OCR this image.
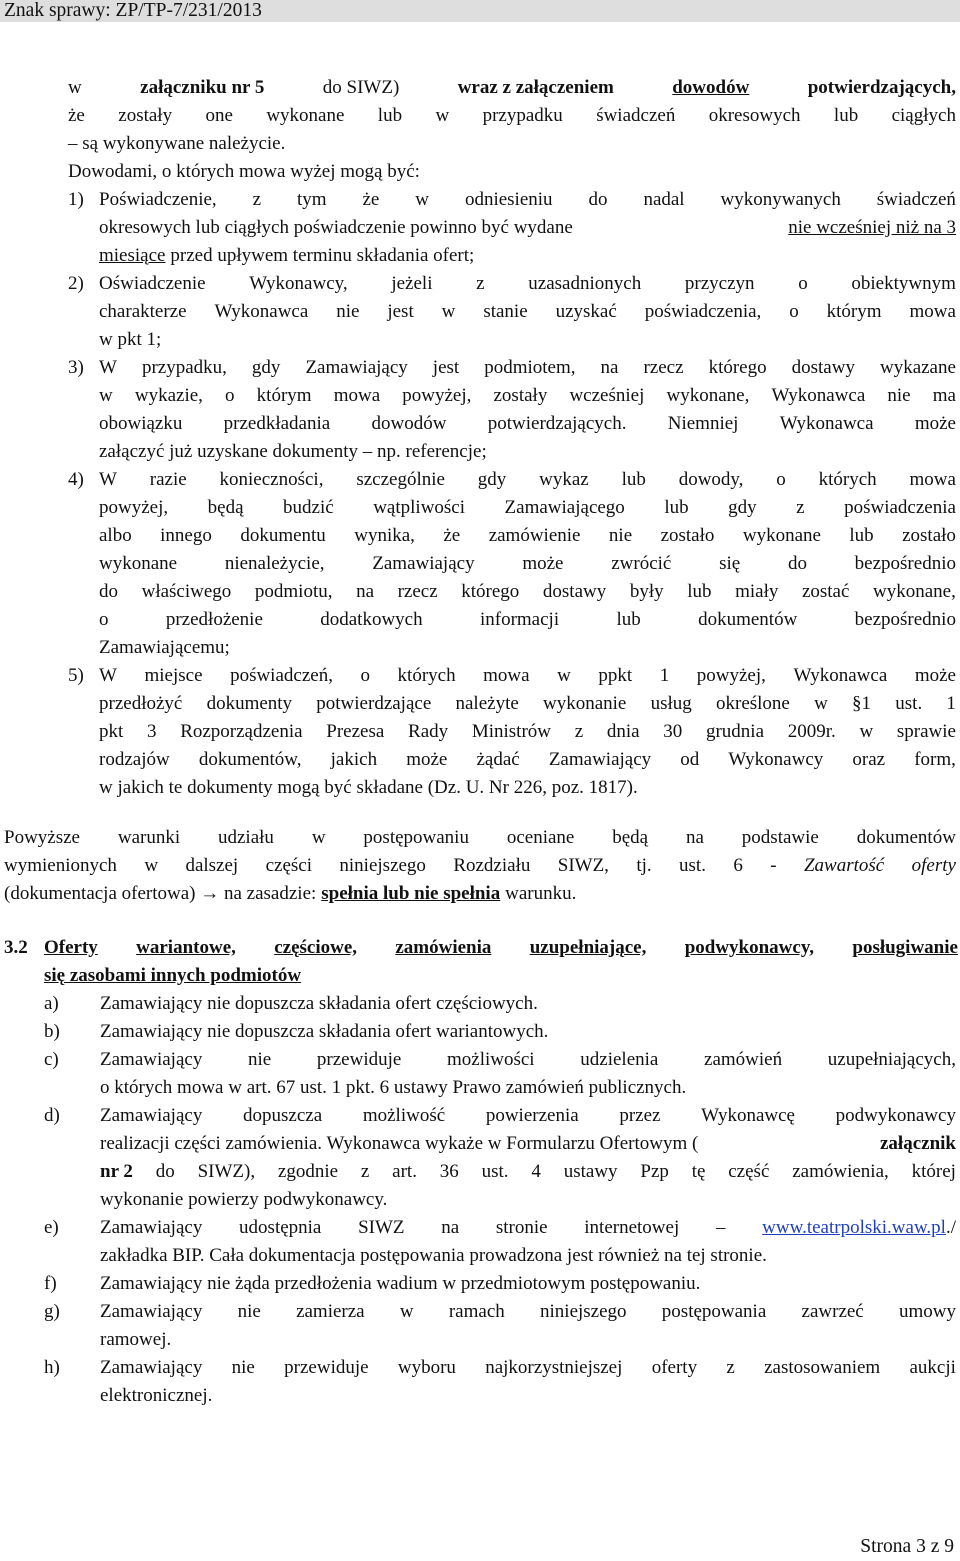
Znak sprawy: ZP/TP-7/231/2013
w	załączniku nr 5	do SIWZ)	wraz z załączeniem	dowodów	potwierdzających,
że zostały one wykonane lub w przypadku świadczeń okresowych lub ciągłych
– są wykonywane należycie.
Dowodami, o których mowa wyżej mogą być:
1) Poświadczenie, z tym że w odniesieniu do nadal wykonywanych świadczeń
okresowych lub ciągłych poświadczenie powinno być wydane	nie wcześniej niż na 3
miesiące przed upływem terminu składania ofert;
2) Oświadczenie Wykonawcy, jeżeli z uzasadnionych przyczyn o obiektywnym
charakterze Wykonawca nie jest w stanie uzyskać poświadczenia, o którym mowa
w pkt 1;
3) W przypadku, gdy Zamawiający jest podmiotem, na rzecz którego dostawy wykazane
w wykazie, o którym mowa powyżej, zostały wcześniej wykonane, Wykonawca nie ma
obowiązku przedkładania dowodów potwierdzających. Niemniej Wykonawca może
załączyć już uzyskane dokumenty – np. referencje;
4) W razie konieczności, szczególnie gdy wykaz lub dowody, o których mowa
powyżej, będą budzić wątpliwości Zamawiającego lub gdy z poświadczenia
albo innego dokumentu wynika, że zamówienie nie zostało wykonane lub zostało
wykonane	nienależycie,	Zamawiający	może	zwrócić	się	do	bezpośrednio
do właściwego podmiotu, na rzecz którego dostawy były lub miały zostać wykonane,
o	przedłożenie	dodatkowych	informacji	lub	dokumentów	bezpośrednio
Zamawiającemu;
5) W miejsce poświadczeń, o których mowa w ppkt 1 powyżej, Wykonawca może
przedłożyć dokumenty potwierdzające należyte wykonanie usług określone w §1 ust. 1
pkt 3 Rozporządzenia Prezesa Rady Ministrów z dnia 30 grudnia 2009r. w sprawie
rodzajów dokumentów, jakich może żądać Zamawiający od Wykonawcy oraz form,
w jakich te dokumenty mogą być składane (Dz. U. Nr 226, poz. 1817).
Powyższe warunki udziału w postępowaniu oceniane będą na podstawie dokumentów
wymienionych w dalszej części niniejszego Rozdziału SIWZ, tj. ust. 6 - Zawartość oferty
(dokumentacja ofertowa) → na zasadzie: spełnia lub nie spełnia warunku.
3.2 Oferty wariantowe, częściowe, zamówienia uzupełniające, podwykonawcy, posługiwanie
się zasobami innych podmiotów
a) Zamawiający nie dopuszcza składania ofert częściowych.
b) Zamawiający nie dopuszcza składania ofert wariantowych.
c) Zamawiający nie przewiduje możliwości udzielenia zamówień uzupełniających,
o których mowa w art. 67 ust. 1 pkt. 6 ustawy Prawo zamówień publicznych.
d) Zamawiający dopuszcza możliwość powierzenia przez Wykonawcę podwykonawcy
realizacji części zamówienia. Wykonawca wykaże w Formularzu Ofertowym (	załącznik
nr 2 do SIWZ), zgodnie z art. 36 ust. 4 ustawy Pzp tę część zamówienia, której
wykonanie powierzy podwykonawcy.
e) Zamawiający udostępnia SIWZ na stronie internetowej – www.teatrpolski.waw.pl./
zakładka BIP. Cała dokumentacja postępowania prowadzona jest również na tej stronie.
f) Zamawiający nie żąda przedłożenia wadium w przedmiotowym postępowaniu.
g) Zamawiający nie zamierza w ramach niniejszego postępowania zawrzeć umowy
ramowej.
h) Zamawiający nie przewiduje wyboru najkorzystniejszej oferty z zastosowaniem aukcji
elektronicznej.
Strona 3 z 9
